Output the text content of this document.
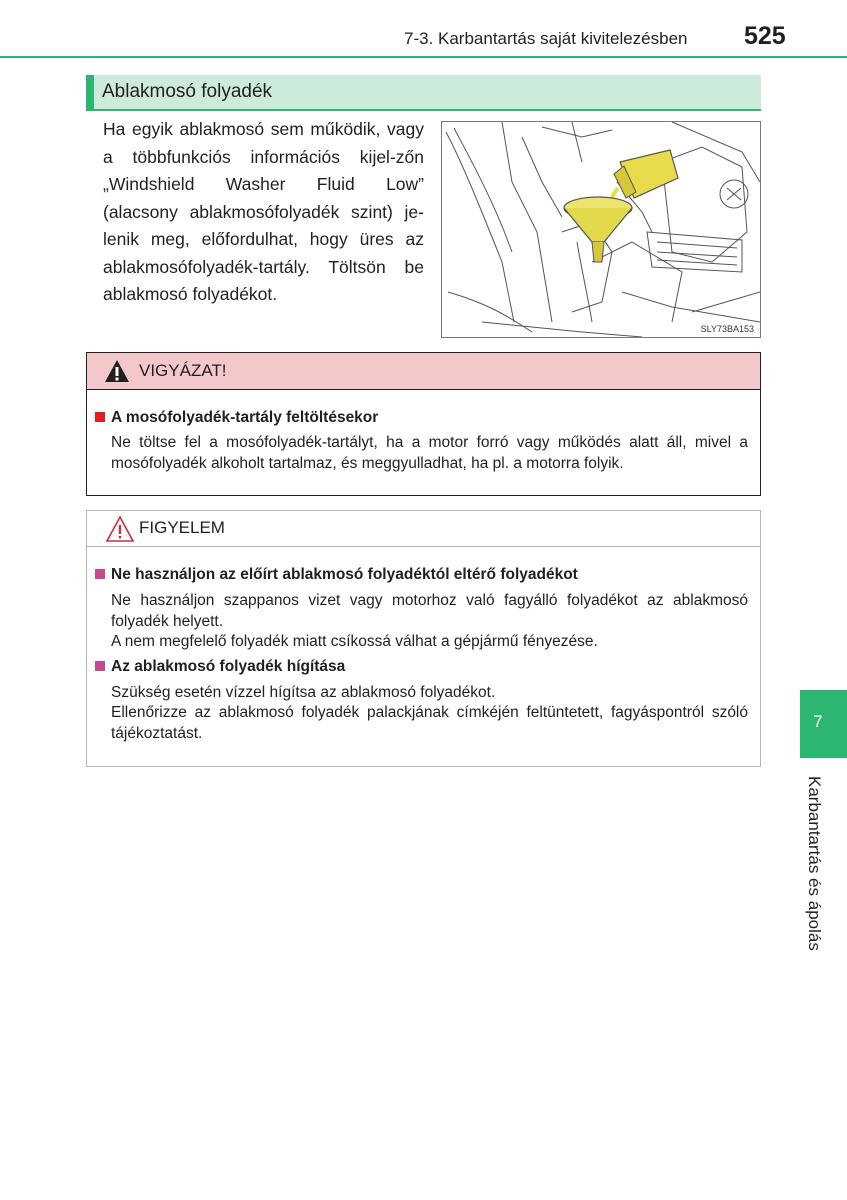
7-3. Karbantartás saját kivitelezésben 525
Ablakmosó folyadék
Ha egyik ablakmosó sem működik, vagy a többfunkciós információs kijel-zőn „Windshield Washer Fluid Low” (alacsony ablakmosófolyadék szint) je-lenik meg, előfordulhat, hogy üres az ablakmosófolyadék-tartály. Töltsön be ablakmosó folyadékot.
SLY73BA153
VIGYÁZAT!
A mosófolyadék-tartály feltöltésekor
Ne töltse fel a mosófolyadék-tartályt, ha a motor forró vagy működés alatt áll, mivel a mosófolyadék alkoholt tartalmaz, és meggyulladhat, ha pl. a motorra folyik.
FIGYELEM
Ne használjon az előírt ablakmosó folyadéktól eltérő folyadékot
Ne használjon szappanos vizet vagy motorhoz való fagyálló folyadékot az ablakmosó folyadék helyett.
A nem megfelelő folyadék miatt csíkossá válhat a gépjármű fényezése.
Az ablakmosó folyadék hígítása
Szükség esetén vízzel hígítsa az ablakmosó folyadékot.
Ellenőrizze az ablakmosó folyadék palackjának címkéjén feltüntetett, fagyáspontról szóló tájékoztatást.
7
Karbantartás és ápolás
